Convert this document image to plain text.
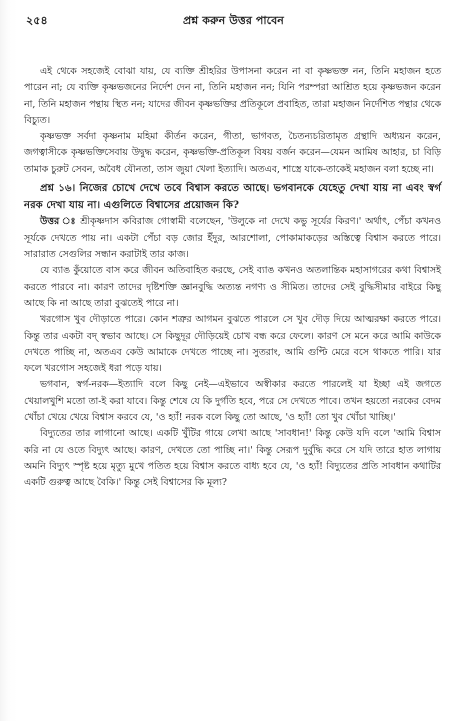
২৫৪	প্রশ্ন করুন উত্তর পাবেন

এই থেকে সহজেই বোঝা যায়, যে ব্যক্তি শ্রীহরির উপাসনা করেন না বা কৃষ্ণভক্ত নন, তিনি মহাজন হতে পারেন না; যে ব্যক্তি কৃষ্ণভজনের নির্দেশ দেন না, তিনি মহাজন নন; যিনি পরম্পরা আশ্রিত হয়ে কৃষ্ণভজন করেন না, তিনি মহাজন পন্থায় স্থিত নন; যাদের জীবন কৃষ্ণভক্তির প্রতিকূলে প্রবাহিত, তারা মহাজন নির্দেশিত পন্থার থেকে বিচ্যুত।

কৃষ্ণভক্ত সর্বদা কৃষ্ণনাম মহিমা কীর্তন করেন, গীতা, ভাগবত, চৈতন্যচরিতামৃত গ্রন্থাদি অধ্যয়ন করেন, জগত্বাসীকে কৃষ্ণভক্তিসেবায় উদ্বুদ্ধ করেন, কৃষ্ণভক্তি-প্রতিকূল বিষয় বর্জন করেন—যেমন আমিষ আহার, চা বিড়ি তামাক চুরুট সেবন, অবৈধ যৌনতা, তাস জুয়া খেলা ইত্যাদি। অতএব, শাস্ত্রে যাকে-তাকেই মহাজন বলা হচ্ছে না।

প্রশ্ন ১৬। নিজের চোখে দেখে তবে বিশ্বাস করতে আছে। ভগবানকে যেহেতু দেখা যায় না এবং স্বর্গ নরক দেখা যায় না। এগুলিতে বিশ্বাসের প্রয়োজন কি?

উত্তর ঃ শ্রীকৃষ্ণদাস কবিরাজ গোস্বামী বলেছেন, 'উলুকে না দেখে কভু সূর্যের কিরণ।' অর্থাৎ, পেঁচা কখনও সূর্যকে দেখতে পায় না। একটা পেঁচা বড় জোর ইঁদুর, আরশোলা, পোকামাকড়ের অস্তিত্বে বিশ্বাস করতে পারে। সারারাত সেগুলির সন্ধান করাটাই তার কাজ।

যে ব্যাঙ কুঁয়োতে বাস করে জীবন অতিবাহিত করছে, সেই ব্যাঙ কখনও অতলান্তিক মহাসাগরের কথা বিশ্বাসই করতে পারবে না। কারণ তাদের দৃষ্টিশক্তি জ্ঞানবুদ্ধি অত্যন্ত নগণ্য ও সীমিত। তাদের সেই বুদ্ধিসীমার বাইরে কিছু আছে কি না আছে তারা বুঝতেই পারে না।

খরগোস খুব দৌড়াতে পারে। কোন শত্রুর আগমন বুঝতে পারলে সে খুব দৌড় দিয়ে আত্মরক্ষা করতে পারে। কিন্তু তার একটা বদ্ স্বভাব আছে। সে কিছুদূর দৌড়িয়েই চোখ বন্ধ করে ফেলে। কারণ সে মনে করে আমি কাউকে দেখতে পাচ্ছি না, অতএব কেউ আমাকে দেখতে পাচ্ছে না। সুতরাং, আমি গুপ্টি মেরে বসে থাকতে পারি। যার ফলে খরগোস সহজেই ধরা পড়ে যায়।

ভগবান, স্বর্গ-নরক—ইত্যাদি বলে কিছু নেই—এইভাবে অস্বীকার করতে পারলেই যা ইচ্ছা এই জগতে খেয়ালখুশি মতো তা-ই করা যাবে। কিন্তু শেষে যে কি দুর্গতি হবে, পরে সে দেখতে পাবে। তখন হয়তো নরকের বেদম খোঁচা খেয়ে খেয়ে বিশ্বাস করবে যে, 'ও হ্যাঁ! নরক বলে কিছু তো আছে, 'ও হ্যাঁ! তো খুব খোঁচা খাচ্ছি।'

বিদ্যুতের তার লাগানো আছে। একটি খুঁটির গায়ে লেখা আছে 'সাবধান!' কিন্তু কেউ যদি বলে 'আমি বিশ্বাস করি না যে ওতে বিদ্যুৎ আছে। কারণ, দেখতে তো পাচ্ছি না।' কিন্তু সেরূপ দুর্বুদ্ধি করে সে যদি তারে হাত লাগায় অমনি বিদ্যুৎ স্পৃষ্ট হয়ে মৃত্যু মুখে পতিত হয়ে বিশ্বাস করতে বাধ্য হবে যে, 'ও হ্যাঁ! বিদ্যুতের প্রতি সাবধান কথাটির একটি গুরুত্ব আছে বৈকি।' কিন্তু সেই বিশ্বাসের কি মূল্য?
